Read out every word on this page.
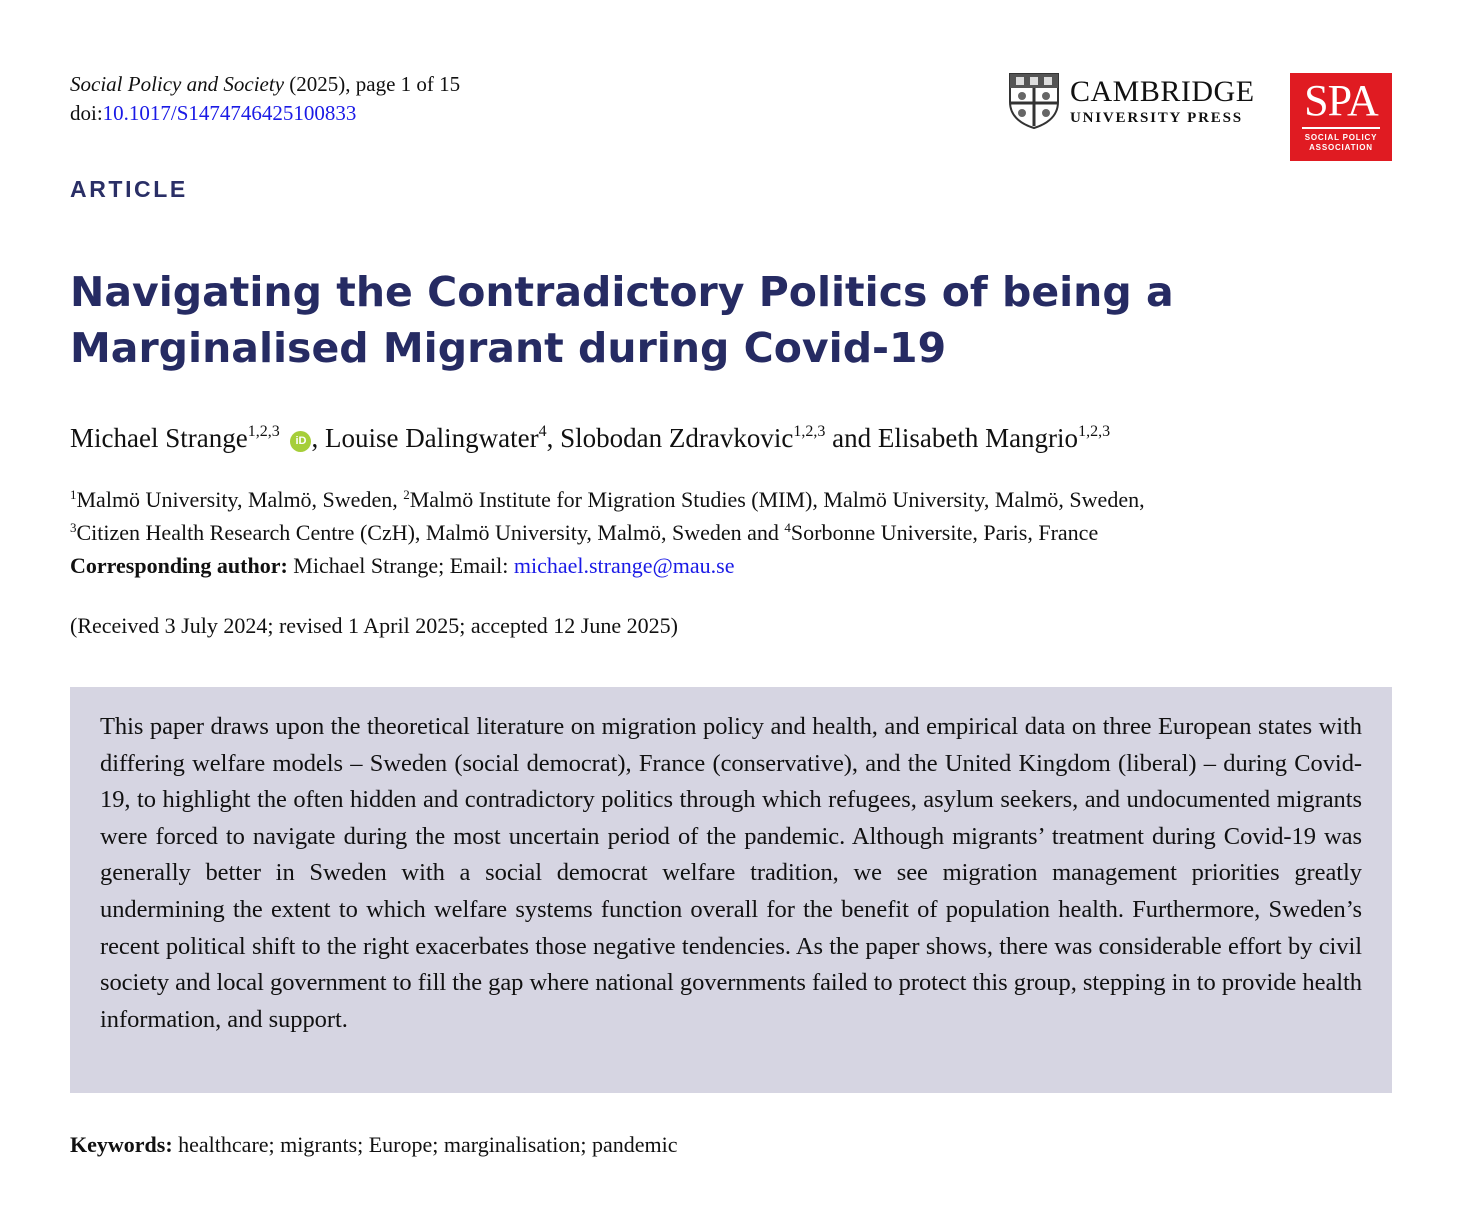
Social Policy and Society (2025), page 1 of 15
doi:10.1017/S1474746425100833
CAMBRIDGE
UNIVERSITY PRESS	SPA
SOCIAL POLICY
ASSOCIATION
ARTICLE
Navigating the Contradictory Politics of being a
Marginalised Migrant during Covid-19
Michael Strange$^{1,2,3}$ iD , Louise Dalingwater$^4$, Slobodan Zdravkovic$^{1,2,3}$ and Elisabeth Mangrio$^{1,2,3}$
$^1$Malmö University, Malmö, Sweden, $^2$Malmö Institute for Migration Studies (MIM), Malmö University, Malmö, Sweden,
$^3$Citizen Health Research Centre (CzH), Malmö University, Malmö, Sweden and $^4$Sorbonne Universite, Paris, France
Corresponding author: Michael Strange; Email: michael.strange@mau.se
(Received 3 July 2024; revised 1 April 2025; accepted 12 June 2025)

This paper draws upon the theoretical literature on migration policy and health, and empirical data on three European states with differing welfare models – Sweden (social democrat), France (conservative), and the United Kingdom (liberal) – during Covid-19, to highlight the often hidden and contradictory politics through which refugees, asylum seekers, and undocumented migrants were forced to navigate during the most uncertain period of the pandemic. Although migrants’ treatment during Covid-19 was generally better in Sweden with a social democrat welfare tradition, we see migration management priorities greatly undermining the extent to which welfare systems function overall for the benefit of population health. Furthermore, Sweden’s recent political shift to the right exacerbates those negative tendencies. As the paper shows, there was considerable effort by civil society and local government to fill the gap where national governments failed to protect this group, stepping in to provide health information, and support.

Keywords: healthcare; migrants; Europe; marginalisation; pandemic
